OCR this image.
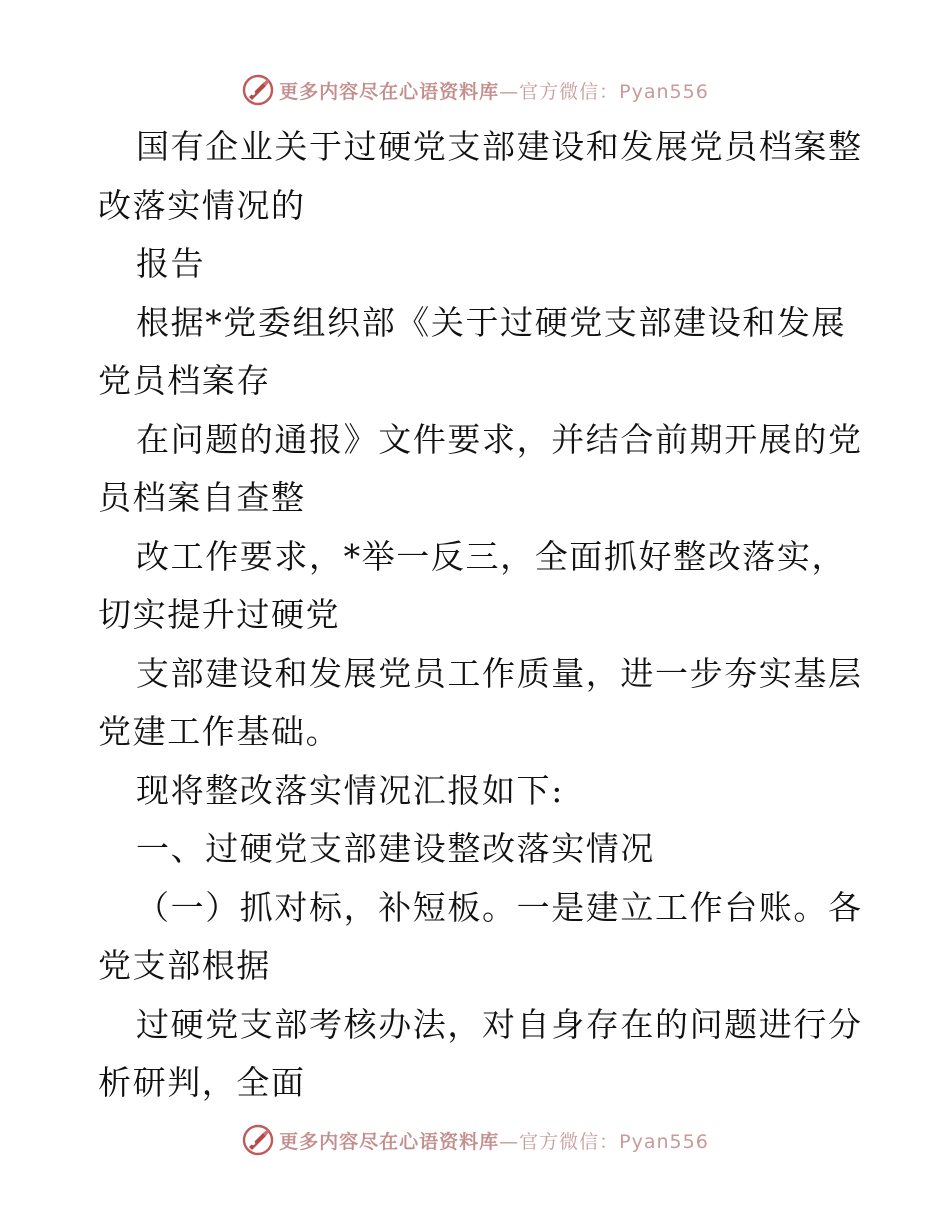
更多内容尽在心语资料库—官方微信：Pyan556
国有企业关于过硬党支部建设和发展党员档案整
改落实情况的
报告
根据*党委组织部《关于过硬党支部建设和发展
党员档案存
在问题的通报》文件要求，并结合前期开展的党
员档案自查整
改工作要求，*举一反三，全面抓好整改落实，
切实提升过硬党
支部建设和发展党员工作质量，进一步夯实基层
党建工作基础。
现将整改落实情况汇报如下:
一、过硬党支部建设整改落实情况
（一）抓对标，补短板。一是建立工作台账。各
党支部根据
过硬党支部考核办法，对自身存在的问题进行分
析研判，全面
更多内容尽在心语资料库—官方微信：Pyan556
